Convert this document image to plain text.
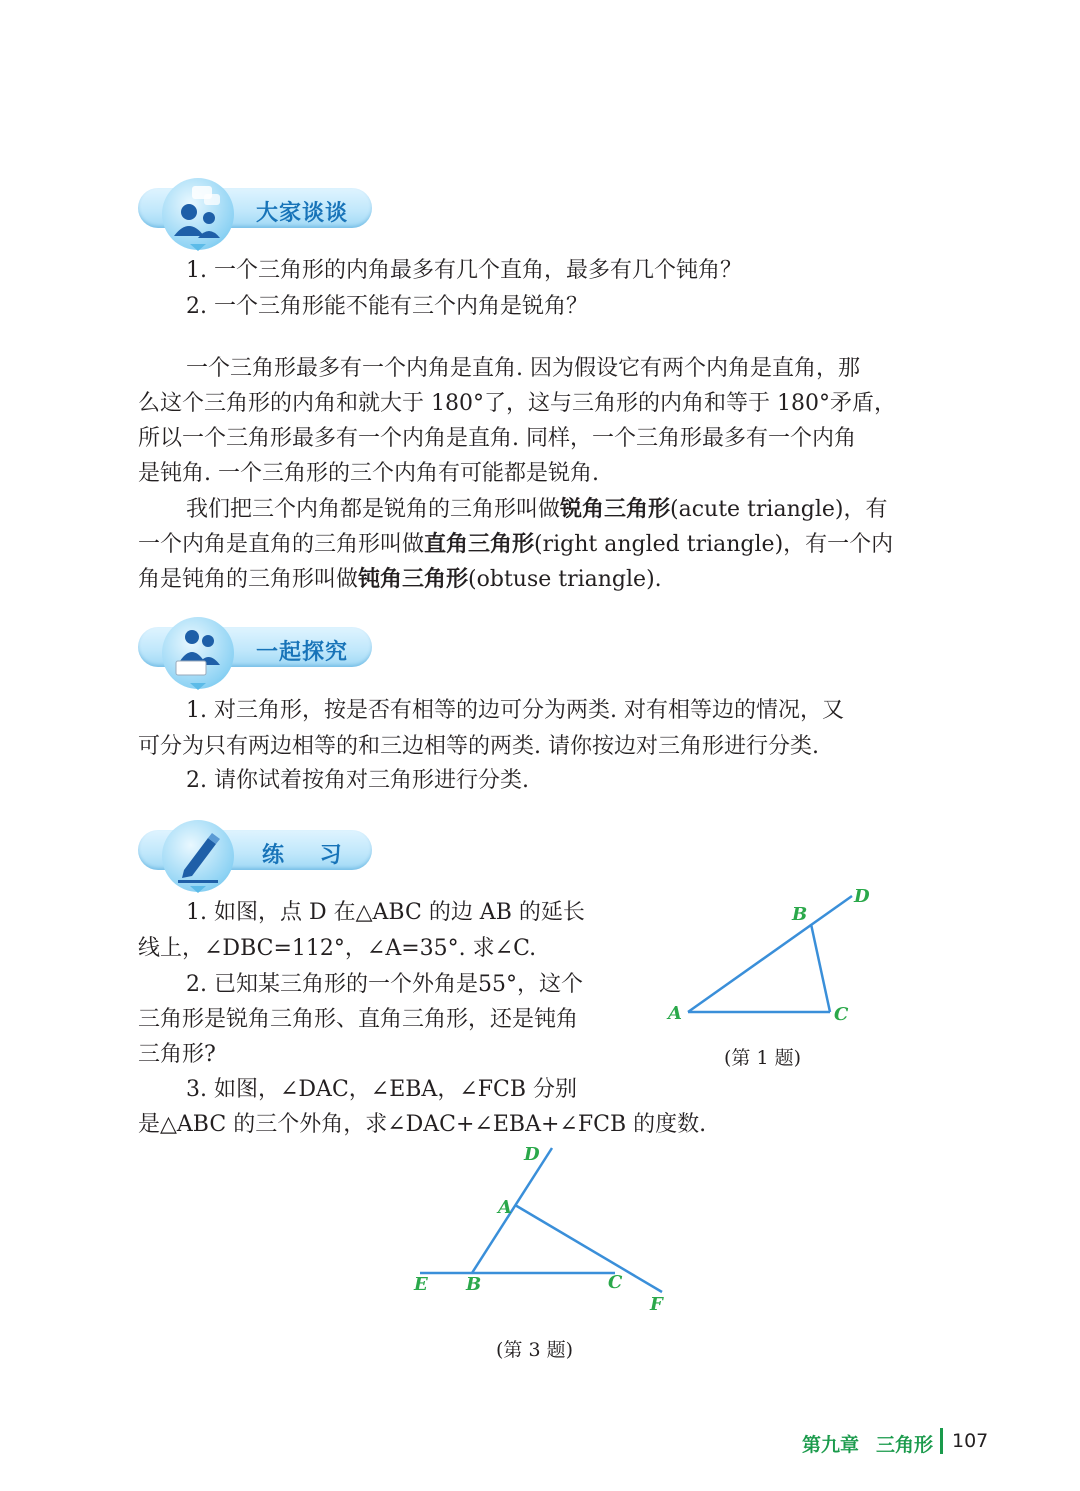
大家谈谈
1. 一个三角形的内角最多有几个直角，最多有几个钝角？
2. 一个三角形能不能有三个内角是锐角？
一个三角形最多有一个内角是直角. 因为假设它有两个内角是直角，那
么这个三角形的内角和就大于 180°了，这与三角形的内角和等于 180°矛盾，
所以一个三角形最多有一个内角是直角. 同样，一个三角形最多有一个内角
是钝角. 一个三角形的三个内角有可能都是锐角.
我们把三个内角都是锐角的三角形叫做锐角三角形(acute triangle)，有
一个内角是直角的三角形叫做直角三角形(right angled triangle)，有一个内
角是钝角的三角形叫做钝角三角形(obtuse triangle).
一起探究
1. 对三角形，按是否有相等的边可分为两类. 对有相等边的情况，又
可分为只有两边相等的和三边相等的两类. 请你按边对三角形进行分类.
2. 请你试着按角对三角形进行分类.
练 习
1. 如图，点 D 在△ABC 的边 AB 的延长
线上，∠DBC=112°，∠A=35°. 求∠C.
2. 已知某三角形的一个外角是55°，这个
三角形是锐角三角形、直角三角形，还是钝角
三角形?
3. 如图，∠DAC，∠EBA，∠FCB 分别
是△ABC 的三个外角，求∠DAC+∠EBA+∠FCB 的度数.
A
B
C
D
(第 1 题)
D
A
E B	C
F
(第 3 题)
第九章 三角形 107
